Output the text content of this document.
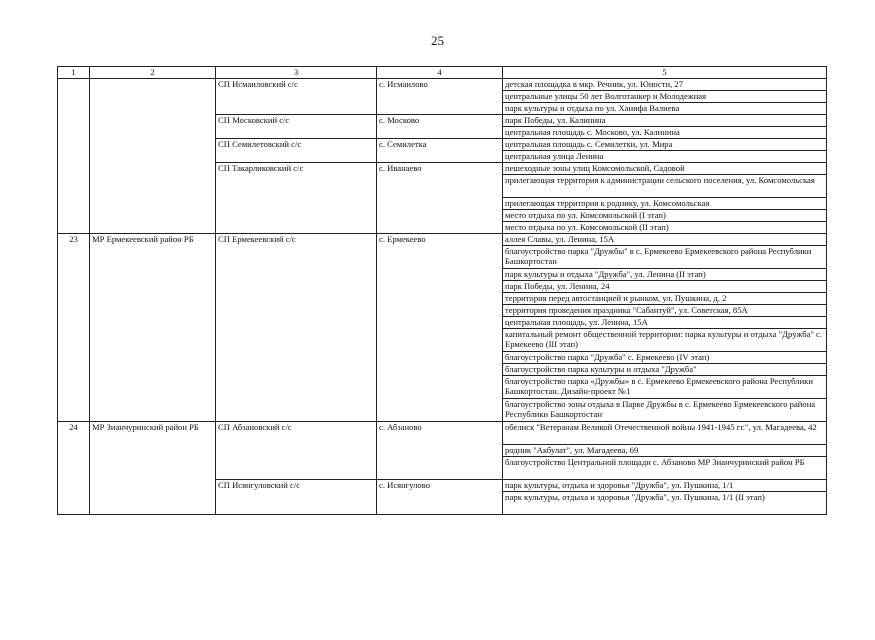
25
1	2	3	4	5
		СП Исмаиловский с/с	с. Исмаилово	детская площадка в мкр. Речник, ул. Юности, 27
				центральные улицы 50 лет Волготанкер и Молодежная
				парк культуры и отдыха по ул. Ханифа Валиева
		СП Московский с/с	с. Москово	парк Победы, ул. Калинина
				центральная площадь с. Москово, ул. Калинина
		СП Семилетовский с/с	с. Семилетка	центральная площадь с. Семилетки, ул. Мира
				центральная улица Ленина
		СП Такарликовский с/с	с. Иванаево	пешеходные зоны улиц Комсомольской, Садовой
				прилегающая территория к администрации сельского поселения, ул. Комсомольская
				прилегающая территория к роднику, ул. Комсомольская
				место отдыха по ул. Комсомольской (I этап)
				место отдыха по ул. Комсомольской (II этап)
23	МР Ермекеевский район РБ	СП Ермекеевский с/с	с. Ермекеево	аллея Славы, ул. Ленина, 15А
				благоустройство парка "Дружбы" в с. Ермекеево Ермекеевского района Республики Башкортостан
				парк культуры и отдыха "Дружба", ул. Ленина (II этап)
				парк Победы, ул. Ленина, 24
				территория перед автостанцией и рынком, ул. Пушкина, д. 2
				территория проведения праздника "Сабантуй", ул. Советская, 85А
				центральная площадь, ул. Ленина, 15А
				капитальный ремонт общественной территории: парка культуры и отдыха "Дружба" с. Ермекеево (III этап)
				благоустройство парка "Дружба" с. Ермекеево (IV этап)
				благоустройство парка культуры и отдыха "Дружба"
				благоустройство парка «Дружбы» в с. Ермекеево Ермекеевского района Республики Башкортостан. Дизайн-проект №1
				благоустройство зоны отдыха в Парке Дружбы в с. Ермекеево Ермекеевского района Республики Башкортостан
24	МР Зианчуринский район РБ	СП Абзановский с/с	с. Абзаново	обелиск "Ветеранам Великой Отечественной войны 1941-1945 гг.", ул. Магадеева, 42
				родник "Акбулат", ул. Магадеева, 69
				благоустройство Центральной площади с. Абзаново МР Зианчуринский район РБ
		СП Исянгуловский с/с	с. Исянгулово	парк культуры, отдыха и здоровья "Дружба", ул. Пушкина, 1/1
				парк культуры, отдыха и здоровья "Дружба", ул. Пушкина, 1/1 (II этап)
